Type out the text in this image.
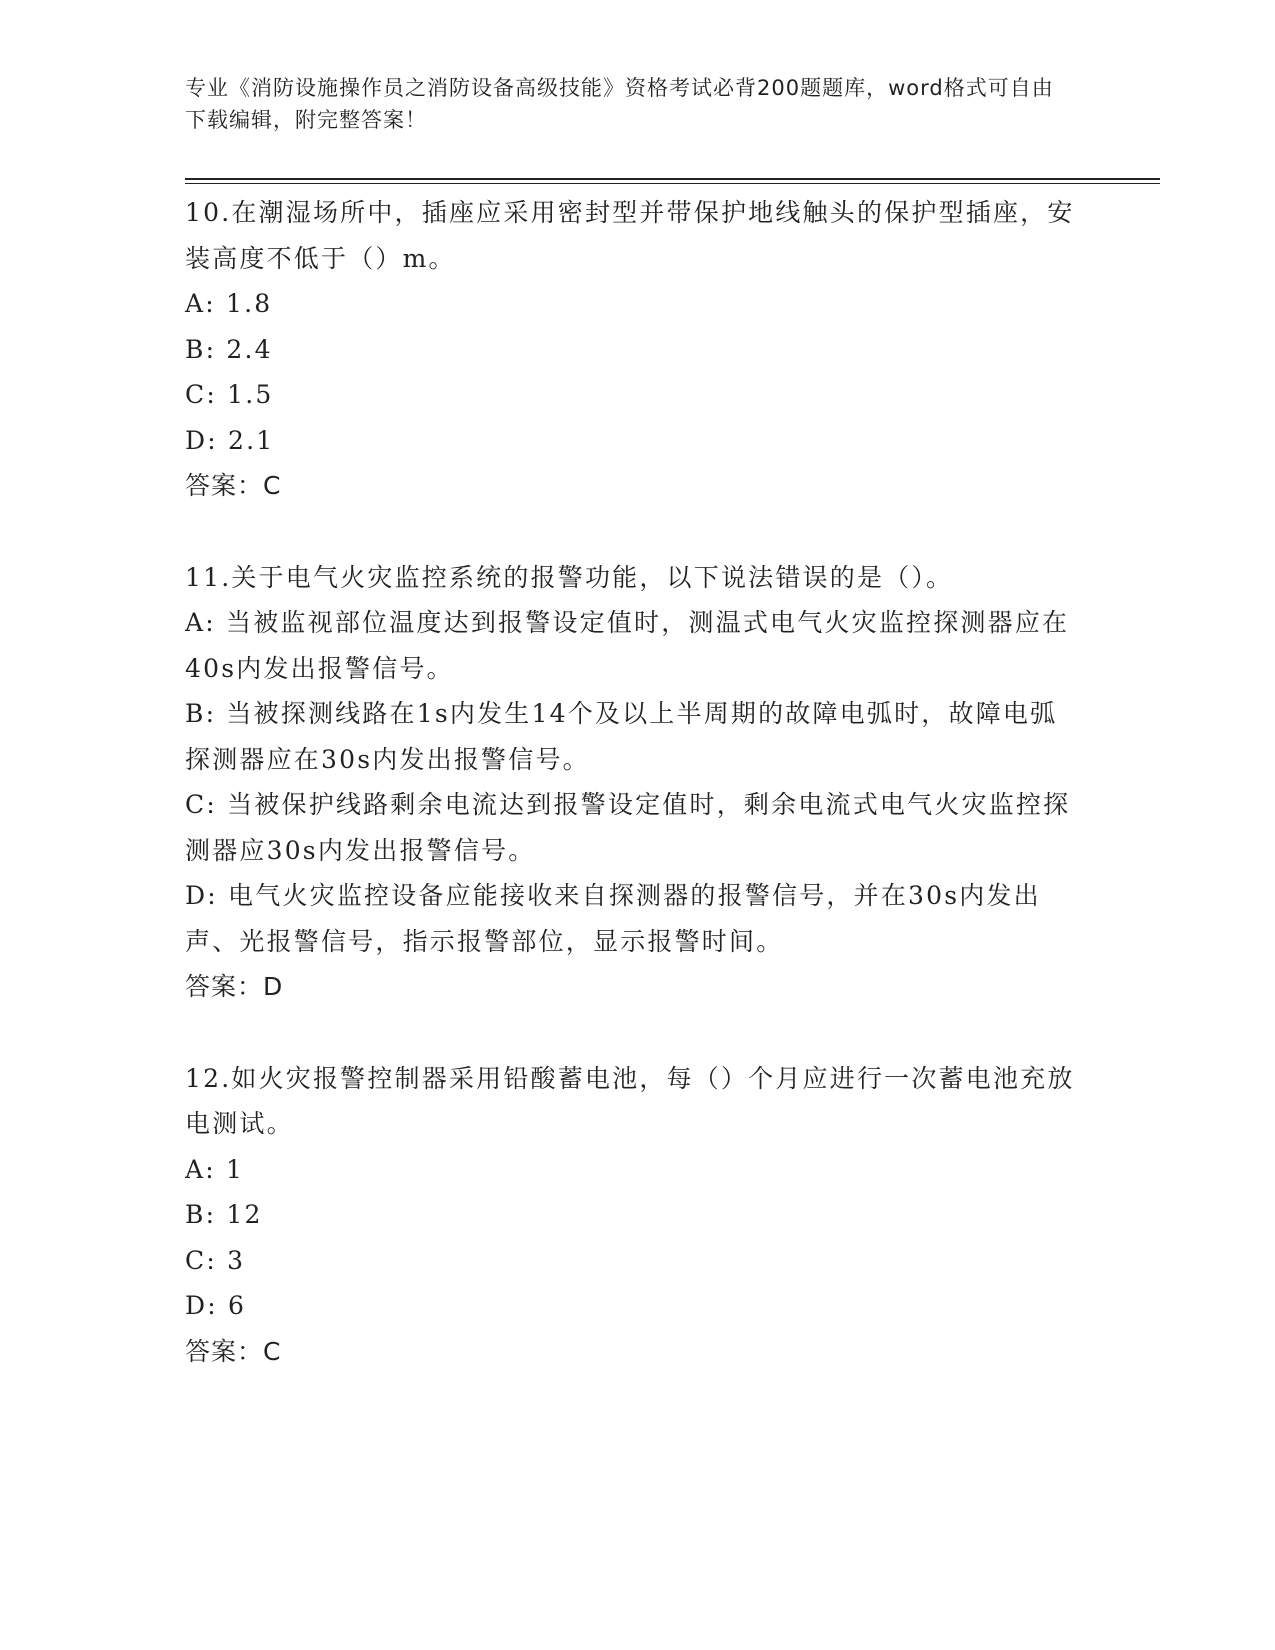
专业《消防设施操作员之消防设备高级技能》资格考试必背200题题库，word格式可自由下载编辑，附完整答案！

10.在潮湿场所中，插座应采用密封型并带保护地线触头的保护型插座，安装高度不低于（）m。

A: 1.8

B: 2.4

C: 1.5

D: 2.1

答案：C

11.关于电气火灾监控系统的报警功能，以下说法错误的是（）。

A: 当被监视部位温度达到报警设定值时，测温式电气火灾监控探测器应在40s内发出报警信号。

B: 当被探测线路在1s内发生14个及以上半周期的故障电弧时，故障电弧探测器应在30s内发出报警信号。

C: 当被保护线路剩余电流达到报警设定值时，剩余电流式电气火灾监控探测器应30s内发出报警信号。

D: 电气火灾监控设备应能接收来自探测器的报警信号，并在30s内发出声、光报警信号，指示报警部位，显示报警时间。

答案：D

12.如火灾报警控制器采用铅酸蓄电池，每（）个月应进行一次蓄电池充放电测试。

A: 1

B: 12

C: 3

D: 6

答案：C
